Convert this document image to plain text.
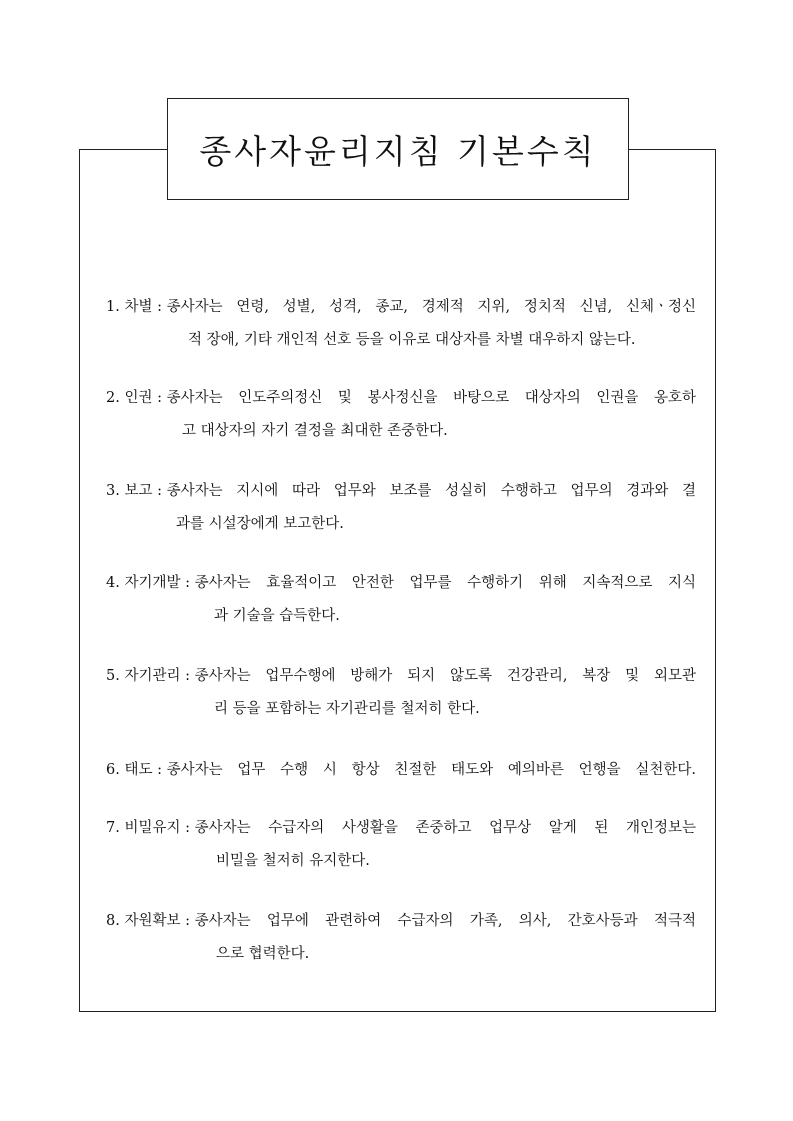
종사자윤리지침 기본수칙
1. 차별 : 종사자는 연령, 성별, 성격, 종교, 경제적 지위, 정치적 신념, 신체ㆍ정신
적 장애, 기타 개인적 선호 등을 이유로 대상자를 차별 대우하지 않는다.
2. 인권 : 종사자는 인도주의정신 및 봉사정신을 바탕으로 대상자의 인권을 옹호하
고 대상자의 자기 결정을 최대한 존중한다.
3. 보고 : 종사자는 지시에 따라 업무와 보조를 성실히 수행하고 업무의 경과와 결
과를 시설장에게 보고한다.
4. 자기개발 : 종사자는 효율적이고 안전한 업무를 수행하기 위해 지속적으로 지식
과 기술을 습득한다.
5. 자기관리 : 종사자는 업무수행에 방해가 되지 않도록 건강관리, 복장 및 외모관
리 등을 포함하는 자기관리를 철저히 한다.
6. 태도 : 종사자는 업무 수행 시 항상 친절한 태도와 예의바른 언행을 실천한다.
7. 비밀유지 : 종사자는 수급자의 사생활을 존중하고 업무상 알게 된 개인정보는
비밀을 철저히 유지한다.
8. 자원확보 : 종사자는 업무에 관련하여 수급자의 가족, 의사, 간호사등과 적극적
으로 협력한다.
